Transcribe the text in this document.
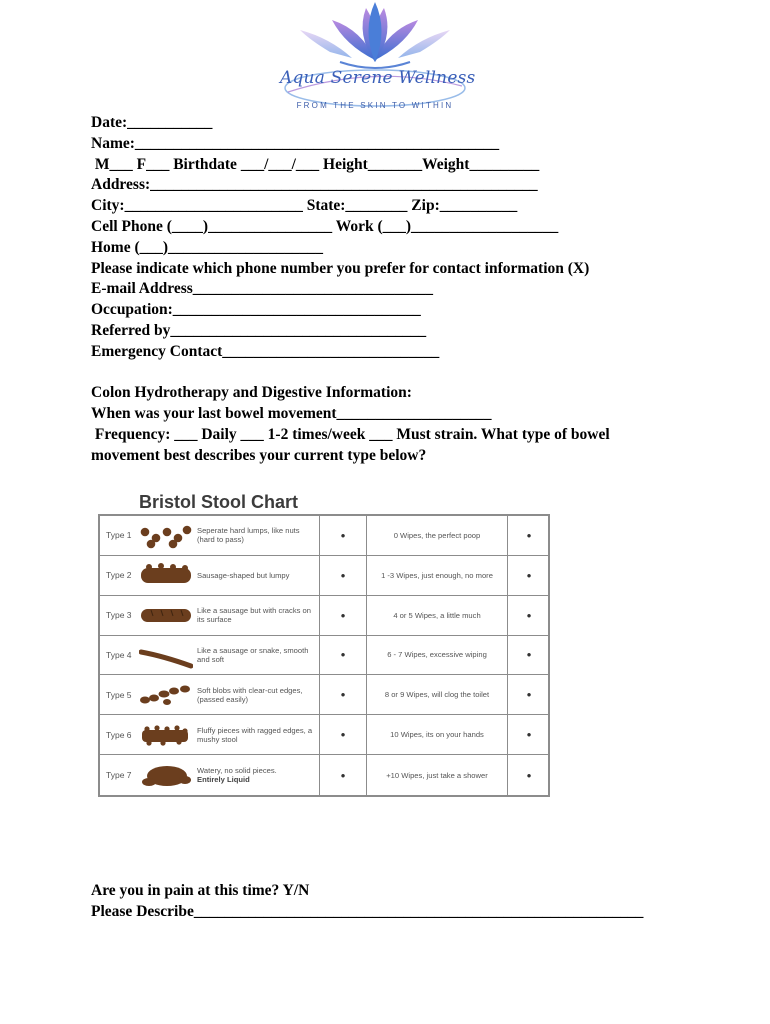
Aqua Serene Wellness
FROM THE SKIN TO WITHIN
Date:___________
Name:_______________________________________________
M___ F___ Birthdate ___/___/___ Height_______Weight_________
Address:__________________________________________________
City:_______________________ State:________ Zip:__________
Cell Phone (____)________________ Work (___)___________________
Home (___)____________________
Please indicate which phone number you prefer for contact information (X)
E-mail Address_______________________________
Occupation:________________________________
Referred by_________________________________
Emergency Contact____________________________
Colon Hydrotherapy and Digestive Information:
When was your last bowel movement____________________
Frequency: ___ Daily ___ 1-2 times/week ___ Must strain. What type of bowel
movement best describes your current type below?
Bristol Stool Chart
Type 1	Seperate hard lumps, like nuts (hard to pass)	•	0 Wipes, the perfect poop	•
Type 2	Sausage-shaped but lumpy	•	1 -3 Wipes, just enough, no more	•
Type 3	Like a sausage but with cracks on its surface	•	4 or 5 Wipes, a little much	•
Type 4	Like a sausage or snake, smooth and soft	•	6 - 7 Wipes, excessive wiping	•
Type 5	Soft blobs with clear-cut edges, (passed easily)	•	8 or 9 Wipes, will clog the toilet	•
Type 6	Fluffy pieces with ragged edges, a mushy stool	•	10 Wipes, its on your hands	•
Type 7	Watery, no solid pieces.
Entirely Liquid	•	+10 Wipes, just take a shower	•
Are you in pain at this time? Y/N
Please Describe__________________________________________________________
